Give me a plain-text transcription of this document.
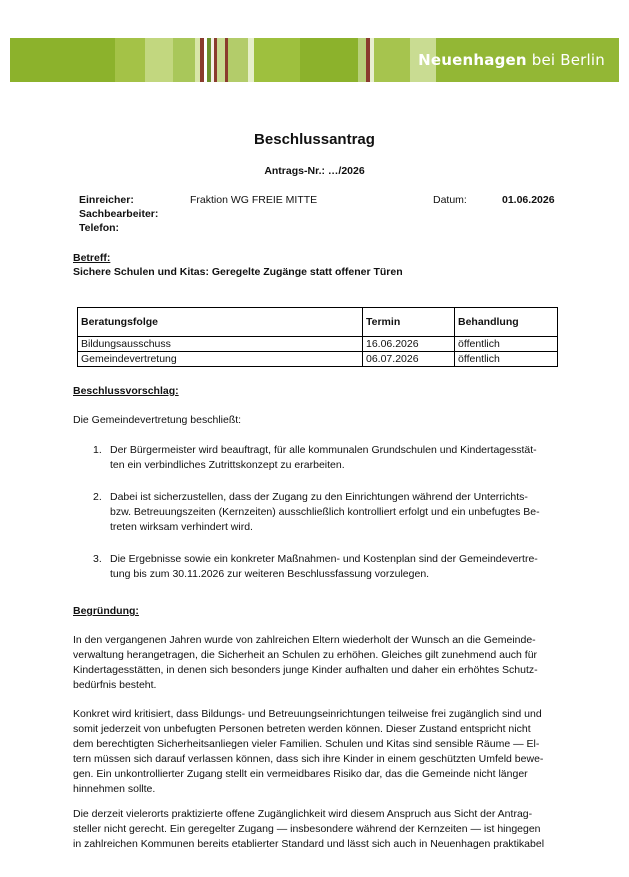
Neuenhagen bei Berlin
Beschlussantrag
Antrags-Nr.: …/2026
Einreicher:	Fraktion WG FREIE MITTE	Datum:	01.06.2026
Sachbearbeiter:
Telefon:
Betreff:
Sichere Schulen und Kitas: Geregelte Zugänge statt offener Türen
Beratungsfolge	Termin	Behandlung
Bildungsausschuss	16.06.2026	öffentlich
Gemeindevertretung	06.07.2026	öffentlich
Beschlussvorschlag:
Die Gemeindevertretung beschließt:
1. Der Bürgermeister wird beauftragt, für alle kommunalen Grundschulen und Kindertagesstät-
ten ein verbindliches Zutrittskonzept zu erarbeiten.
2. Dabei ist sicherzustellen, dass der Zugang zu den Einrichtungen während der Unterrichts-
bzw. Betreuungszeiten (Kernzeiten) ausschließlich kontrolliert erfolgt und ein unbefugtes Be-
treten wirksam verhindert wird.
3. Die Ergebnisse sowie ein konkreter Maßnahmen- und Kostenplan sind der Gemeindevertre-
tung bis zum 30.11.2026 zur weiteren Beschlussfassung vorzulegen.
Begründung:
In den vergangenen Jahren wurde von zahlreichen Eltern wiederholt der Wunsch an die Gemeinde-
verwaltung herangetragen, die Sicherheit an Schulen zu erhöhen. Gleiches gilt zunehmend auch für
Kindertagesstätten, in denen sich besonders junge Kinder aufhalten und daher ein erhöhtes Schutz-
bedürfnis besteht.
Konkret wird kritisiert, dass Bildungs- und Betreuungseinrichtungen teilweise frei zugänglich sind und
somit jederzeit von unbefugten Personen betreten werden können. Dieser Zustand entspricht nicht
dem berechtigten Sicherheitsanliegen vieler Familien. Schulen und Kitas sind sensible Räume — El-
tern müssen sich darauf verlassen können, dass sich ihre Kinder in einem geschützten Umfeld bewe-
gen. Ein unkontrollierter Zugang stellt ein vermeidbares Risiko dar, das die Gemeinde nicht länger
hinnehmen sollte.
Die derzeit vielerorts praktizierte offene Zugänglichkeit wird diesem Anspruch aus Sicht der Antrag-
steller nicht gerecht. Ein geregelter Zugang — insbesondere während der Kernzeiten — ist hingegen
in zahlreichen Kommunen bereits etablierter Standard und lässt sich auch in Neuenhagen praktikabel
